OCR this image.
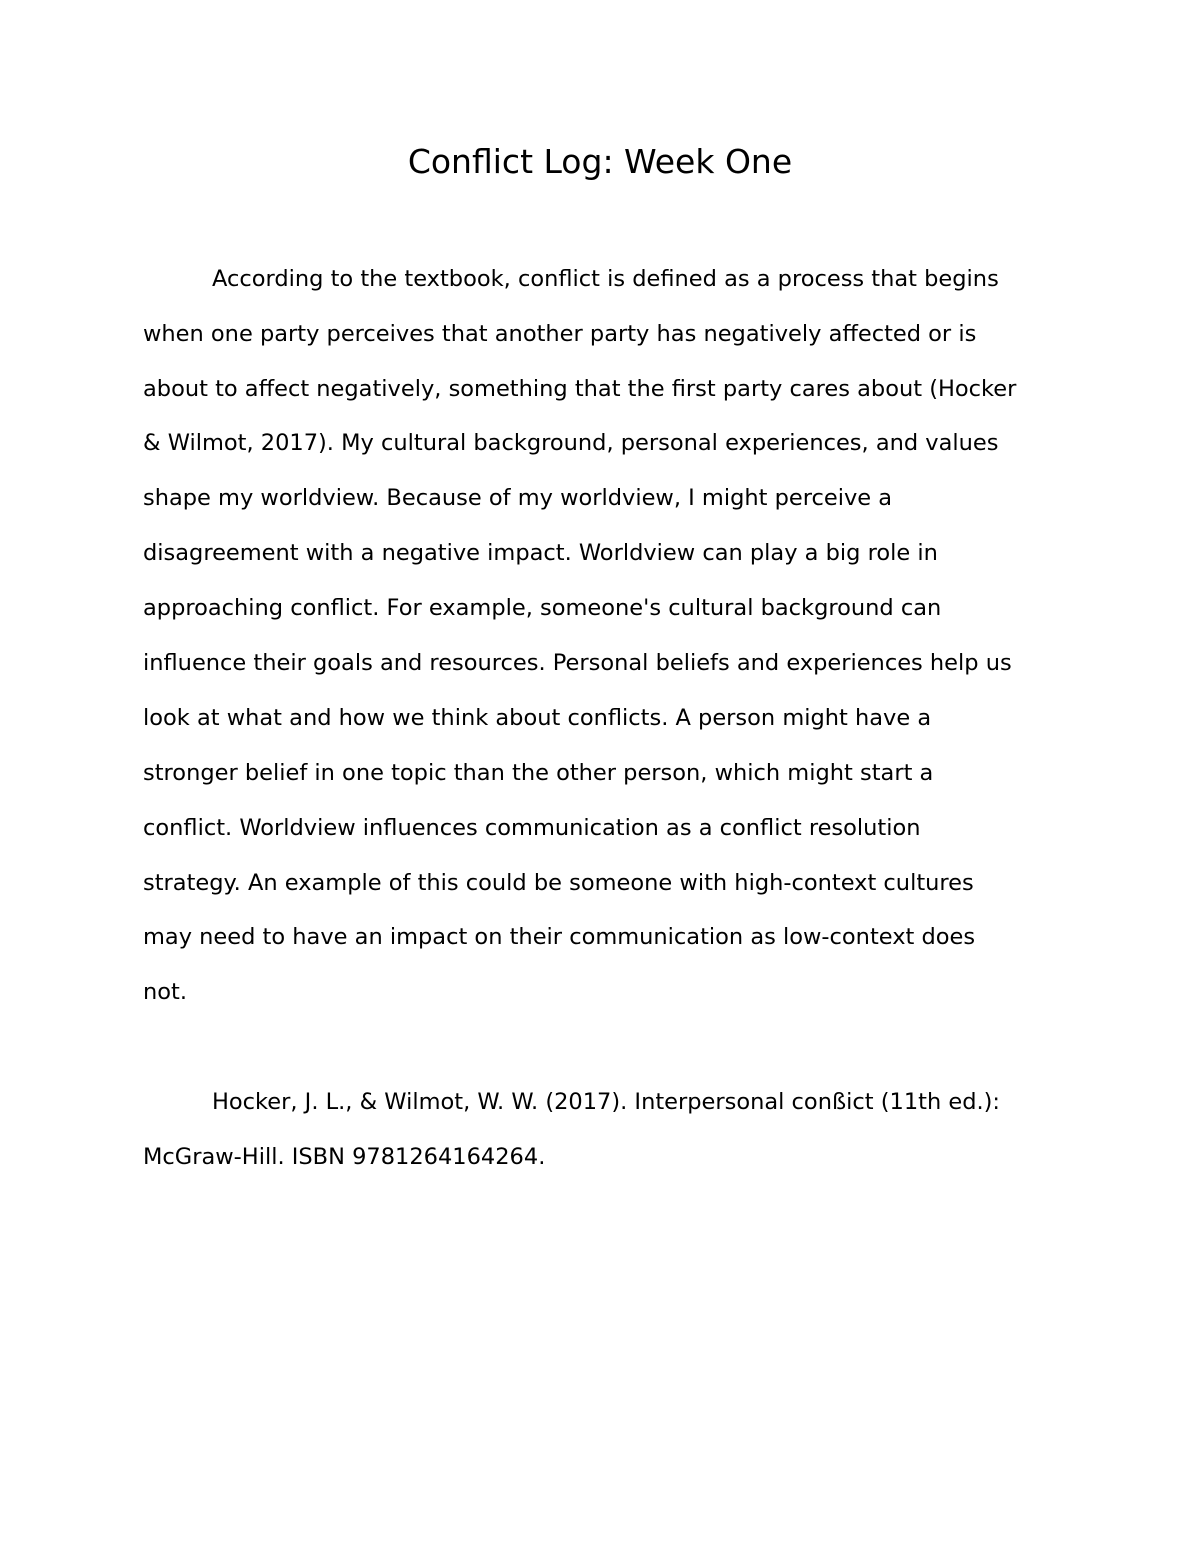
Conflict Log: Week One

According to the textbook, conflict is defined as a process that begins

when one party perceives that another party has negatively affected or is

about to affect negatively, something that the first party cares about (Hocker

& Wilmot, 2017). My cultural background, personal experiences, and values

shape my worldview. Because of my worldview, I might perceive a

disagreement with a negative impact. Worldview can play a big role in

approaching conflict. For example, someone's cultural background can

influence their goals and resources. Personal beliefs and experiences help us

look at what and how we think about conflicts. A person might have a

stronger belief in one topic than the other person, which might start a

conflict. Worldview influences communication as a conflict resolution

strategy. An example of this could be someone with high-context cultures

may need to have an impact on their communication as low-context does

not.

Hocker, J. L., & Wilmot, W. W. (2017). Interpersonal conßict (11th ed.):

McGraw-Hill. ISBN 9781264164264.
